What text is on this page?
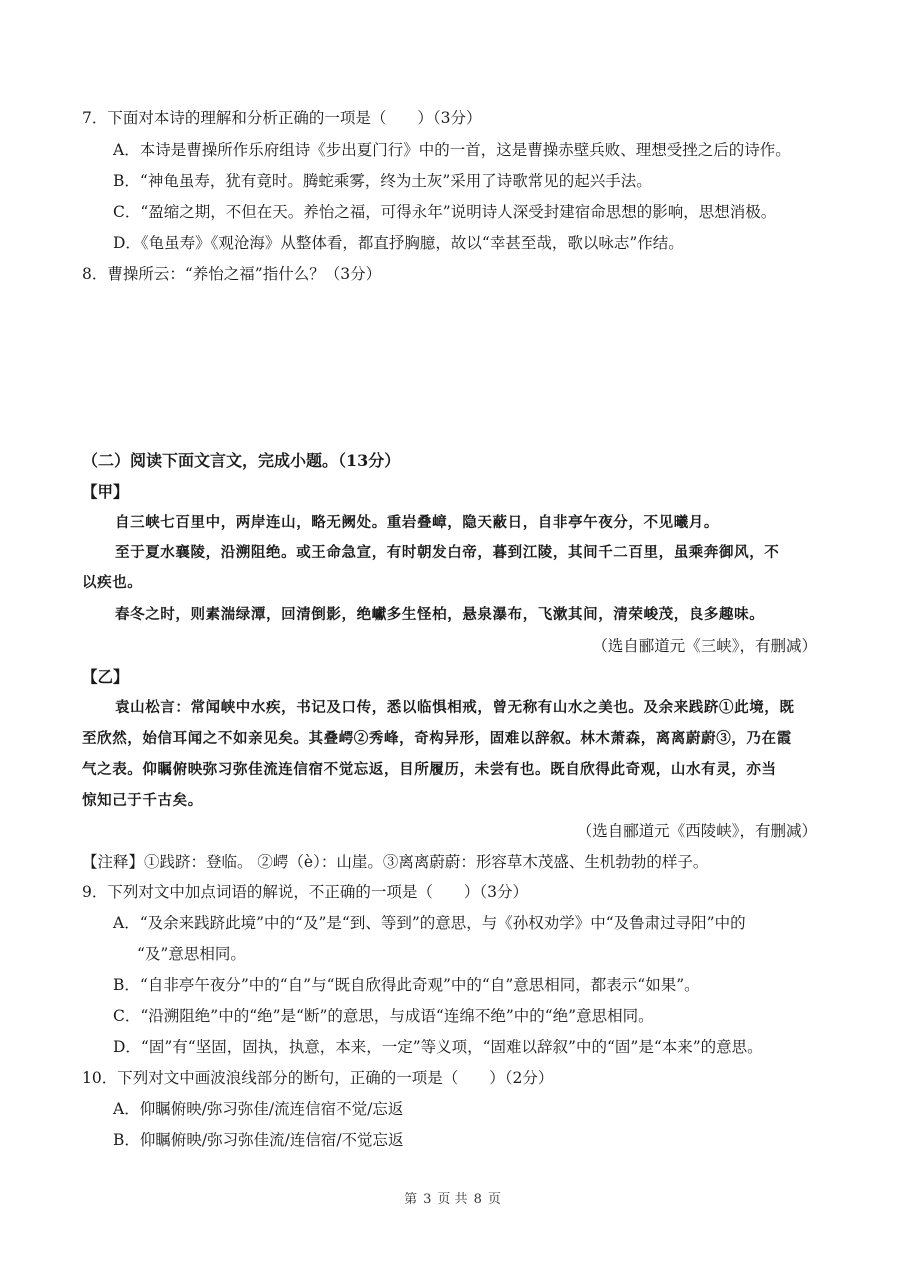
7．下面对本诗的理解和分析正确的一项是（　　）（3分）
A．本诗是曹操所作乐府组诗《步出夏门行》中的一首，这是曹操赤壁兵败、理想受挫之后的诗作。
B．“神龟虽寿，犹有竟时。腾蛇乘雾，终为土灰”采用了诗歌常见的起兴手法。
C．“盈缩之期，不但在天。养怡之福，可得永年”说明诗人深受封建宿命思想的影响，思想消极。
D．《龟虽寿》《观沧海》从整体看，都直抒胸臆，故以“幸甚至哉，歌以咏志”作结。
8．曹操所云：“养怡之福”指什么？（3分）
（二）阅读下面文言文，完成小题。（13分）
【甲】
自三峡七百里中，两岸连山，略无阙处。重岩叠嶂，隐天蔽日，自非亭午夜分，不见曦月。
至于夏水襄陵，沿溯阻绝。或王命急宣，有时朝发白帝，暮到江陵，其间千二百里，虽乘奔御风，不
以疾也。
春冬之时，则素湍绿潭，回清倒影，绝巘多生怪柏，悬泉瀑布，飞漱其间，清荣峻茂，良多趣味。
（选自郦道元《三峡》，有删减）
【乙】
袁山松言：常闻峡中水疾，书记及口传，悉以临惧相戒，曾无称有山水之美也。及余来践跻①此境，既
至欣然，始信耳闻之不如亲见矣。其叠崿②秀峰，奇构异形，固难以辞叙。林木萧森，离离蔚蔚③，乃在霞
气之表。仰瞩俯映弥习弥佳流连信宿不觉忘返，目所履历，未尝有也。既自欣得此奇观，山水有灵，亦当
惊知己于千古矣。
（选自郦道元《西陵峡》，有删减）
【注释】①践跻：登临。 ②崿（è）：山崖。③离离蔚蔚：形容草木茂盛、生机勃勃的样子。
9．下列对文中加点词语的解说，不正确的一项是（　　）（3分）
A．“及余来践跻此境”中的“及”是“到、等到”的意思，与《孙权劝学》中“及鲁肃过寻阳”中的
“及”意思相同。
B．“自非亭午夜分”中的“自”与“既自欣得此奇观”中的“自”意思相同，都表示“如果”。
C．“沿溯阻绝”中的“绝”是“断”的意思，与成语“连绵不绝”中的“绝”意思相同。
D．“固”有“坚固，固执，执意，本来，一定”等义项，“固难以辞叙”中的“固”是“本来”的意思。
10．下列对文中画波浪线部分的断句，正确的一项是（　　）（2分）
A．仰瞩俯映/弥习弥佳/流连信宿不觉/忘返
B．仰瞩俯映/弥习弥佳流/连信宿/不觉忘返
第 3 页 共 8 页
